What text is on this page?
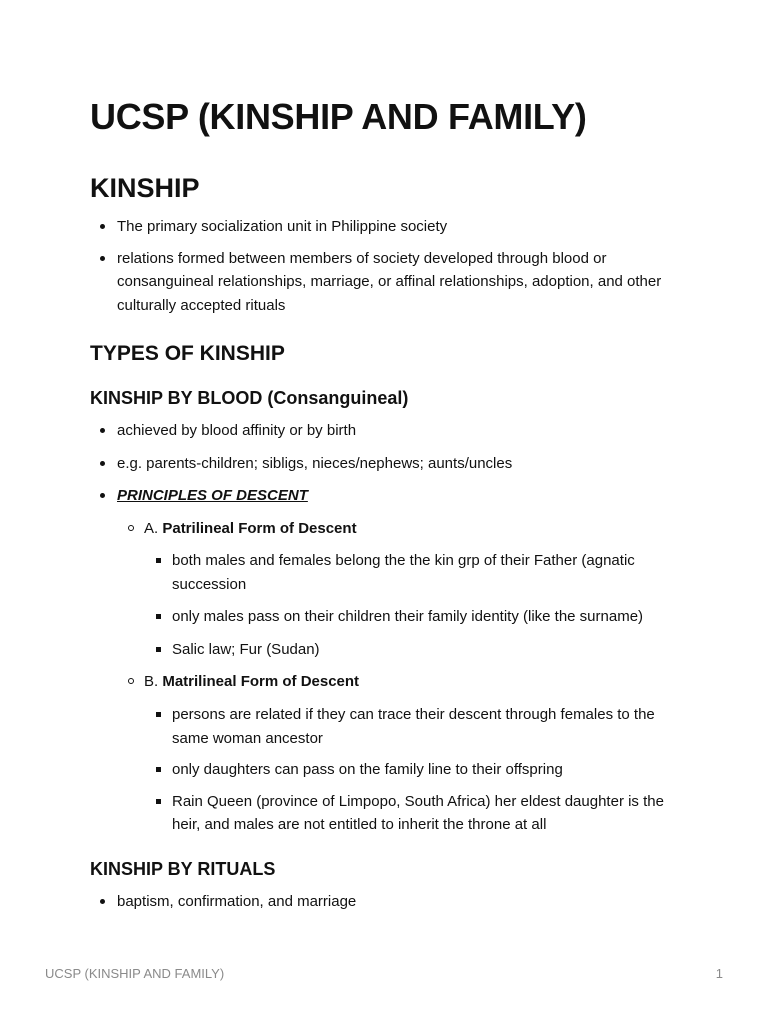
UCSP (KINSHIP AND FAMILY)
KINSHIP
The primary socialization unit in Philippine society
relations formed between members of society developed through blood or consanguineal relationships, marriage, or affinal relationships, adoption, and other culturally accepted rituals
TYPES OF KINSHIP
KINSHIP BY BLOOD (Consanguineal)
achieved by blood affinity or by birth
e.g. parents-children; sibligs, nieces/nephews; aunts/uncles
PRINCIPLES OF DESCENT
A. Patrilineal Form of Descent
both males and females belong the the kin grp of their Father (agnatic succession
only males pass on their children their family identity (like the surname)
Salic law; Fur (Sudan)
B. Matrilineal Form of Descent
persons are related if they can trace their descent through females to the same woman ancestor
only daughters can pass on the family line to their offspring
Rain Queen (province of Limpopo, South Africa) her eldest daughter is the heir, and males are not entitled to inherit the throne at all
KINSHIP BY RITUALS
baptism, confirmation, and marriage
UCSP (KINSHIP AND FAMILY)	1
